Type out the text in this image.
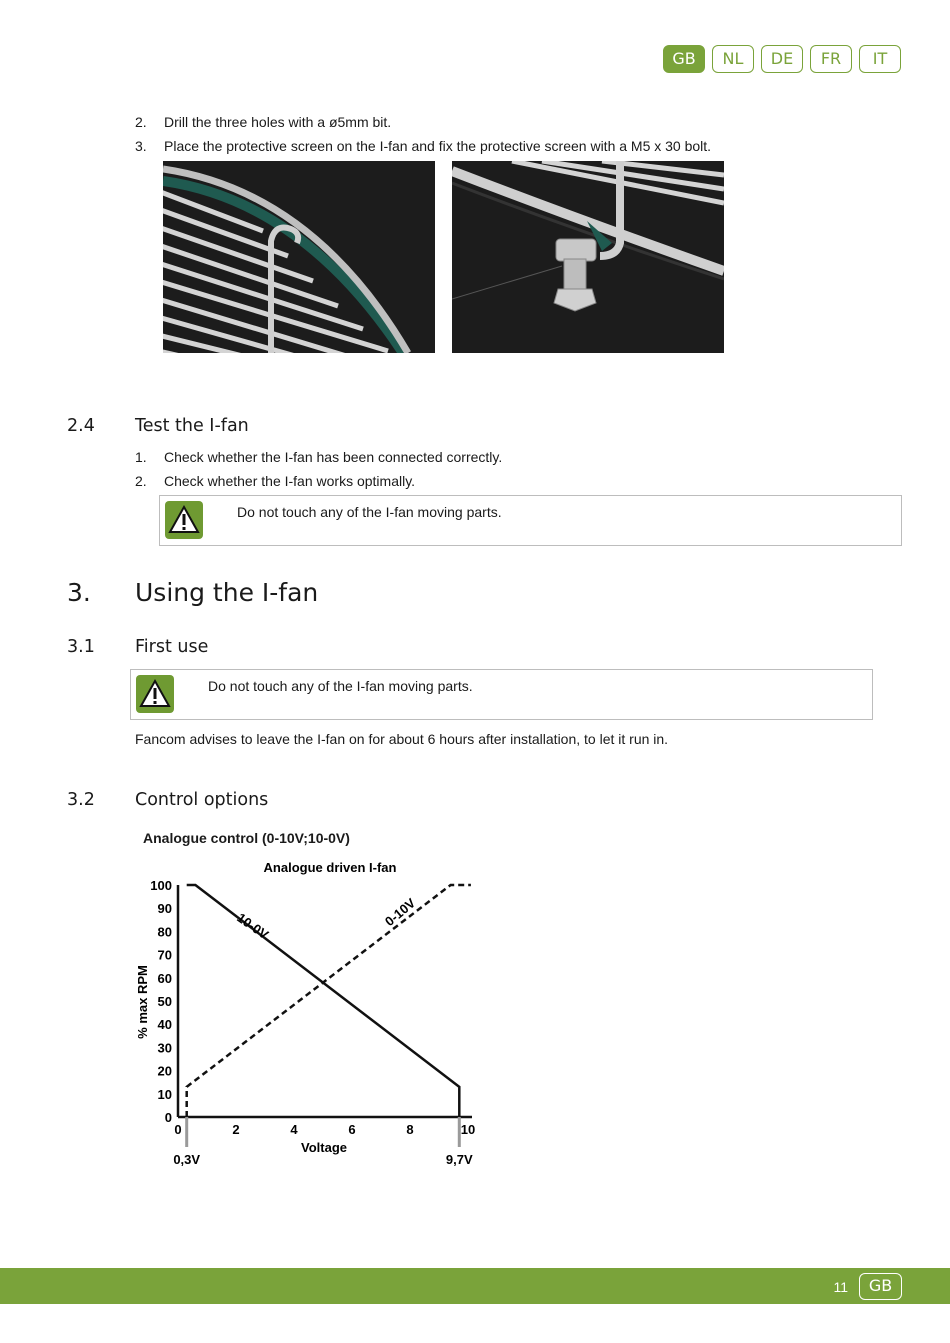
GB	NL	DE	FR	IT
2. Drill the three holes with a ø5mm bit.
3. Place the protective screen on the I-fan and fix the protective screen with a M5 x 30 bolt.
2.4 Test the I-fan
1. Check whether the I-fan has been connected correctly.
2. Check whether the I-fan works optimally.
Do not touch any of the I-fan moving parts.
3. Using the I-fan
3.1 First use
Do not touch any of the I-fan moving parts.
Fancom advises to leave the I-fan on for about 6 hours after installation, to let it run in.
3.2 Control options
Analogue control (0-10V;10-0V)
Analogue driven I-fan
0
10
20
30
40
50
60
70
80
90
100
0	2	4	6	8	10
10-0V	0-10V
0,3V	9,7V
% max RPM
Voltage
11	GB
